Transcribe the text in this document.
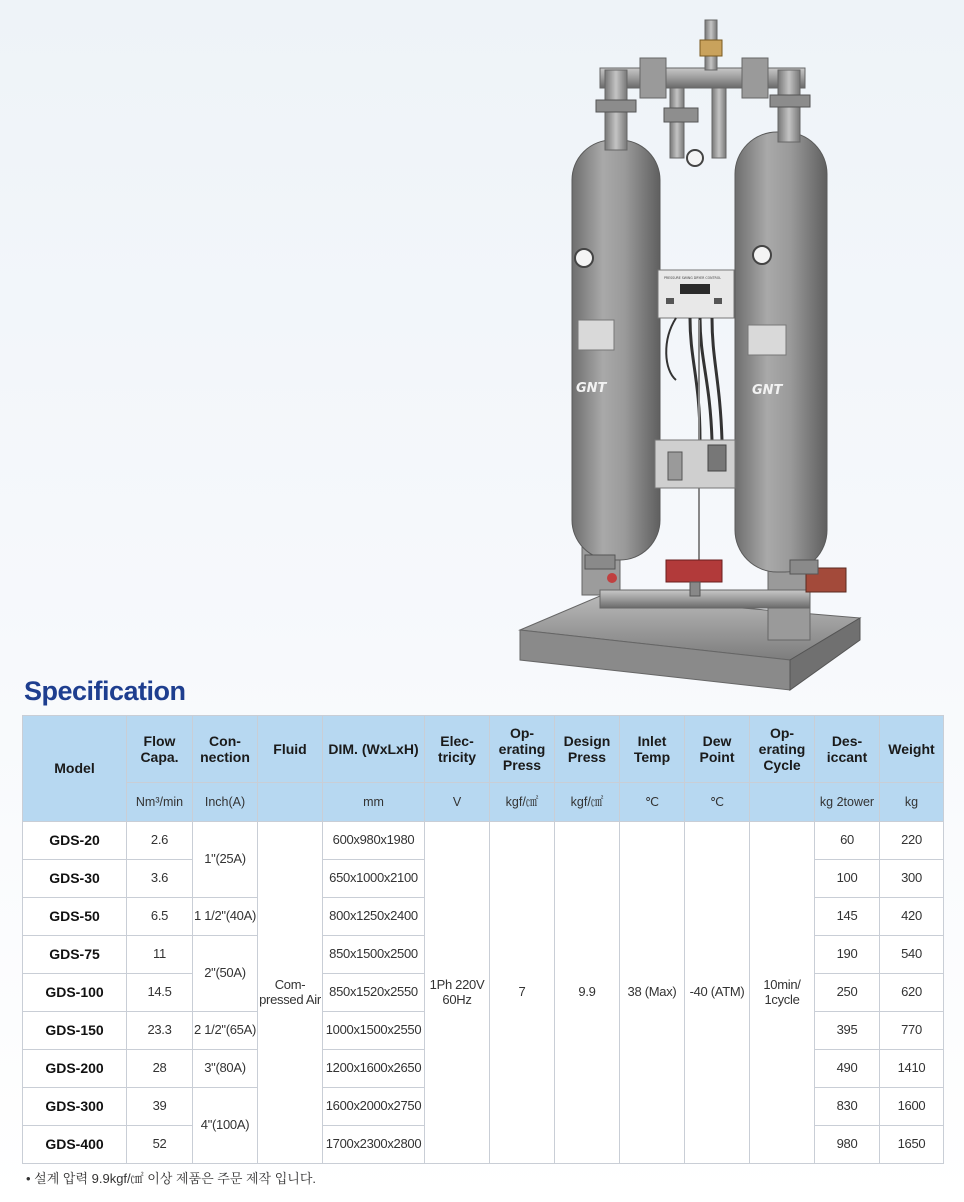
GNT	GNT
PRESSURE SWING DRYER CONTROL
Specification
Model	Flow Capa.	Con- nection	Fluid	DIM. (WxLxH)	Elec- tricity	Op- erating Press	Design Press	Inlet Temp	Dew Point	Op- erating Cycle	Des- iccant	Weight
	Nm³/min	Inch(A)		mm	V	kgf/㎠	kgf/㎠	℃	℃		kg 2tower	kg
GDS-20	2.6	1"(25A)	Com- pressed Air	600x980x1980	1Ph 220V 60Hz	7	9.9	38 (Max)	-40 (ATM)	10min/ 1cycle	60	220
GDS-30	3.6			650x1000x2100							100	300
GDS-50	6.5	1 1/2"(40A)		800x1250x2400							145	420
GDS-75	11	2"(50A)		850x1500x2500							190	540
GDS-100	14.5			850x1520x2550							250	620
GDS-150	23.3	2 1/2"(65A)		1000x1500x2550							395	770
GDS-200	28	3"(80A)		1200x1600x2650							490	1410
GDS-300	39	4"(100A)		1600x2000x2750							830	1600
GDS-400	52			1700x2300x2800							980	1650
• 설계 압력 9.9kgf/㎠ 이상 제품은 주문 제작 입니다.
